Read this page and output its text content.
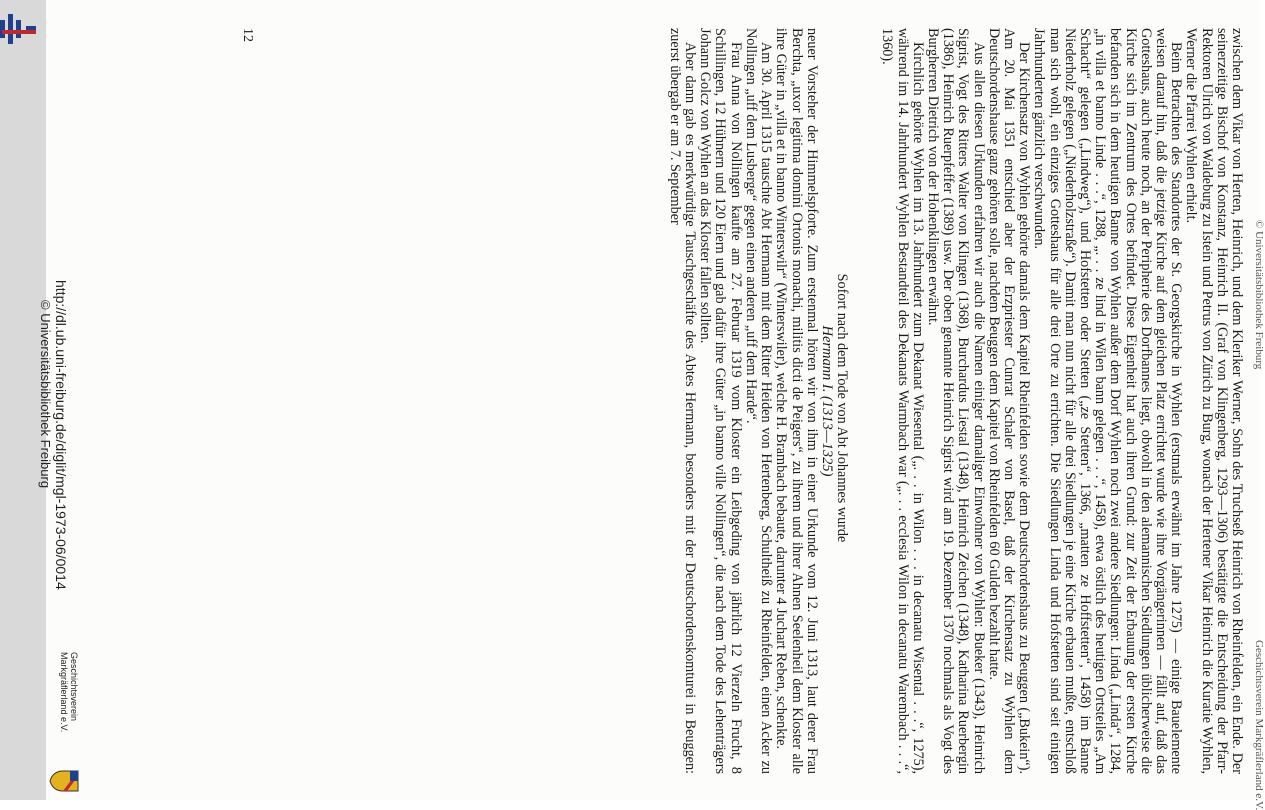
© Universitätsbibliothek Freiburg
Geschichtsverein Markgräflerland e.V.

zwischen dem Vikar von Herten, Heinrich, und dem Kleriker Werner, Sohn des Truchseß Heinrich von Rheinfelden, ein Ende. Der seinerzeitige Bischof von Konstanz, Heinrich II. (Graf von Klingenberg, 1293—1306) bestätigte die Entscheidung der Pfarr-Rektoren Ulrich von Waldeburg zu Istein und Petrus von Zürich zu Burg, wonach der Hertener Vikar Heinrich die Kuratie Wyhlen, Werner die Pfarrei Wyhlen erhielt.

Beim Betrachten des Standortes der St. Georgskirche in Wyhlen (erstmals erwähnt im Jahre 1275) — einige Bauelemente weisen darauf hin, daß die jetzige Kirche auf dem gleichen Platz errichtet wurde wie ihre Vorgängerinnen — fällt auf, daß das Gotteshaus, auch heute noch, an der Peripherie des Dorfbannes liegt, obwohl in den alemannischen Siedlungen üblicherweise die Kirche sich im Zentrum des Ortes befindet. Diese Eigenheit hat auch ihren Grund: zur Zeit der Erbauung der ersten Kirche befanden sich in dem heutigen Banne von Wyhlen außer dem Dorf Wyhlen noch zwei andere Siedlungen: Linda („Linda“, 1284, „in villa et banno Linde . . .“, 1288, „. . . ze lind in Wilen bann gelegen . . .“, 1458), etwa östlich des heutigen Ortsteiles „Am Schacht“ gelegen („Lindweg“), und Hofstetten oder Stetten („ze Stetten“, 1366, „matten ze Hoffstetten“, 1458) im Banne Niederholz gelegen („Niederholzstraße“). Damit man nun nicht für alle drei Siedlungen je eine Kirche erbauen mußte, entschloß man sich wohl, ein einziges Gotteshaus für alle drei Orte zu errichten. Die Siedlungen Linda und Hofstetten sind seit einigen Jahrhunderten gänzlich verschwunden.

Der Kirchensatz von Wyhlen gehörte damals dem Kapitel Rheinfelden sowie dem Deutschordenshaus zu Beuggen („Bukein“). Am 20. Mai 1351 entschied aber der Erzpriester Cunrat Schaler von Basel, daß der Kirchensatz zu Wyhlen dem Deutschordenshause ganz gehören solle, nachdem Beuggen dem Kapitel von Rheinfelden 60 Gulden bezahlt hatte.

Aus allen diesen Urkunden erfahren wir auch die Namen einiger damaliger Einwohner von Wyhlen: Bueker (1343), Heinrich Sigrist, Vogt des Ritters Walter von Klingen (1368), Burchardus Liestal (1348), Heinrich Zeichen (1348), Katharina Ruerbergin (1386), Heinrich Ruerpfeffer (1389) usw. Der oben genannte Heinrich Sigrist wird am 19. Dezember 1370 nochmals als Vogt des Burgherren Dietrich von der Hohenklingen erwähnt.

Kirchlich gehörte Wyhlen im 13. Jahrhundert zum Dekanat Wiesental („. . . in Wilon . . . in decanatu Wisental . . .“, 1275), während im 14. Jahrhundert Wyhlen Bestandteil des Dekanats Warmbach war („. . . ecclesia Wilon in decanatu Warembach . . .“, 1360).

Sofort nach dem Tode von Abt Johannes wurde

Hermann I. (1313—1325)

neuer Vorsteher der Himmelspforte. Zum erstenmal hören wir von ihm in einer Urkunde vom 12. Juni 1313, laut derer Frau Berchta, „uxor legitima domini Ortonis monachi, militis dicti de Peigers“, zu ihrem und ihrer Ahnen Seelenheil dem Kloster alle ihre Güter in „villa et in banno Winterswilr“ (Winterswiler), welche H. Brambach bebaute, darunter 4 Juchart Reben, schenkte.

Am 30. April 1315 tauschte Abt Hermann mit dem Ritter Heiden von Hertenberg, Schultheiß zu Rheinfelden, einen Acker zu Nollingen „uff dem Lusberge“ gegen einen anderen „uff dem Harde“.

Frau Anna von Nollingen kaufte am 27. Februar 1319 vom Kloster ein Leibgeding von jährlich 12 Vierzeln Frucht, 8 Schillingen, 12 Hühnern und 120 Eiern und gab dafür ihre Güter „in banno ville Nollingen“, die nach dem Tode des Lehenträgers Johann Golcz von Wyhlen an das Kloster fallen sollten.

Aber dann gab es merkwürdige Tauschgeschäfte des Abtes Hermann, besonders mit der Deutschordenskomturei in Beuggen: zuerst übergab er am 7. September

12
http://dl.ub.uni-freiburg.de/diglit/mgl-1973-06/0014
© Universitätsbibliothek Freiburg
Geschichtsverein Markgräflerland e.V.
